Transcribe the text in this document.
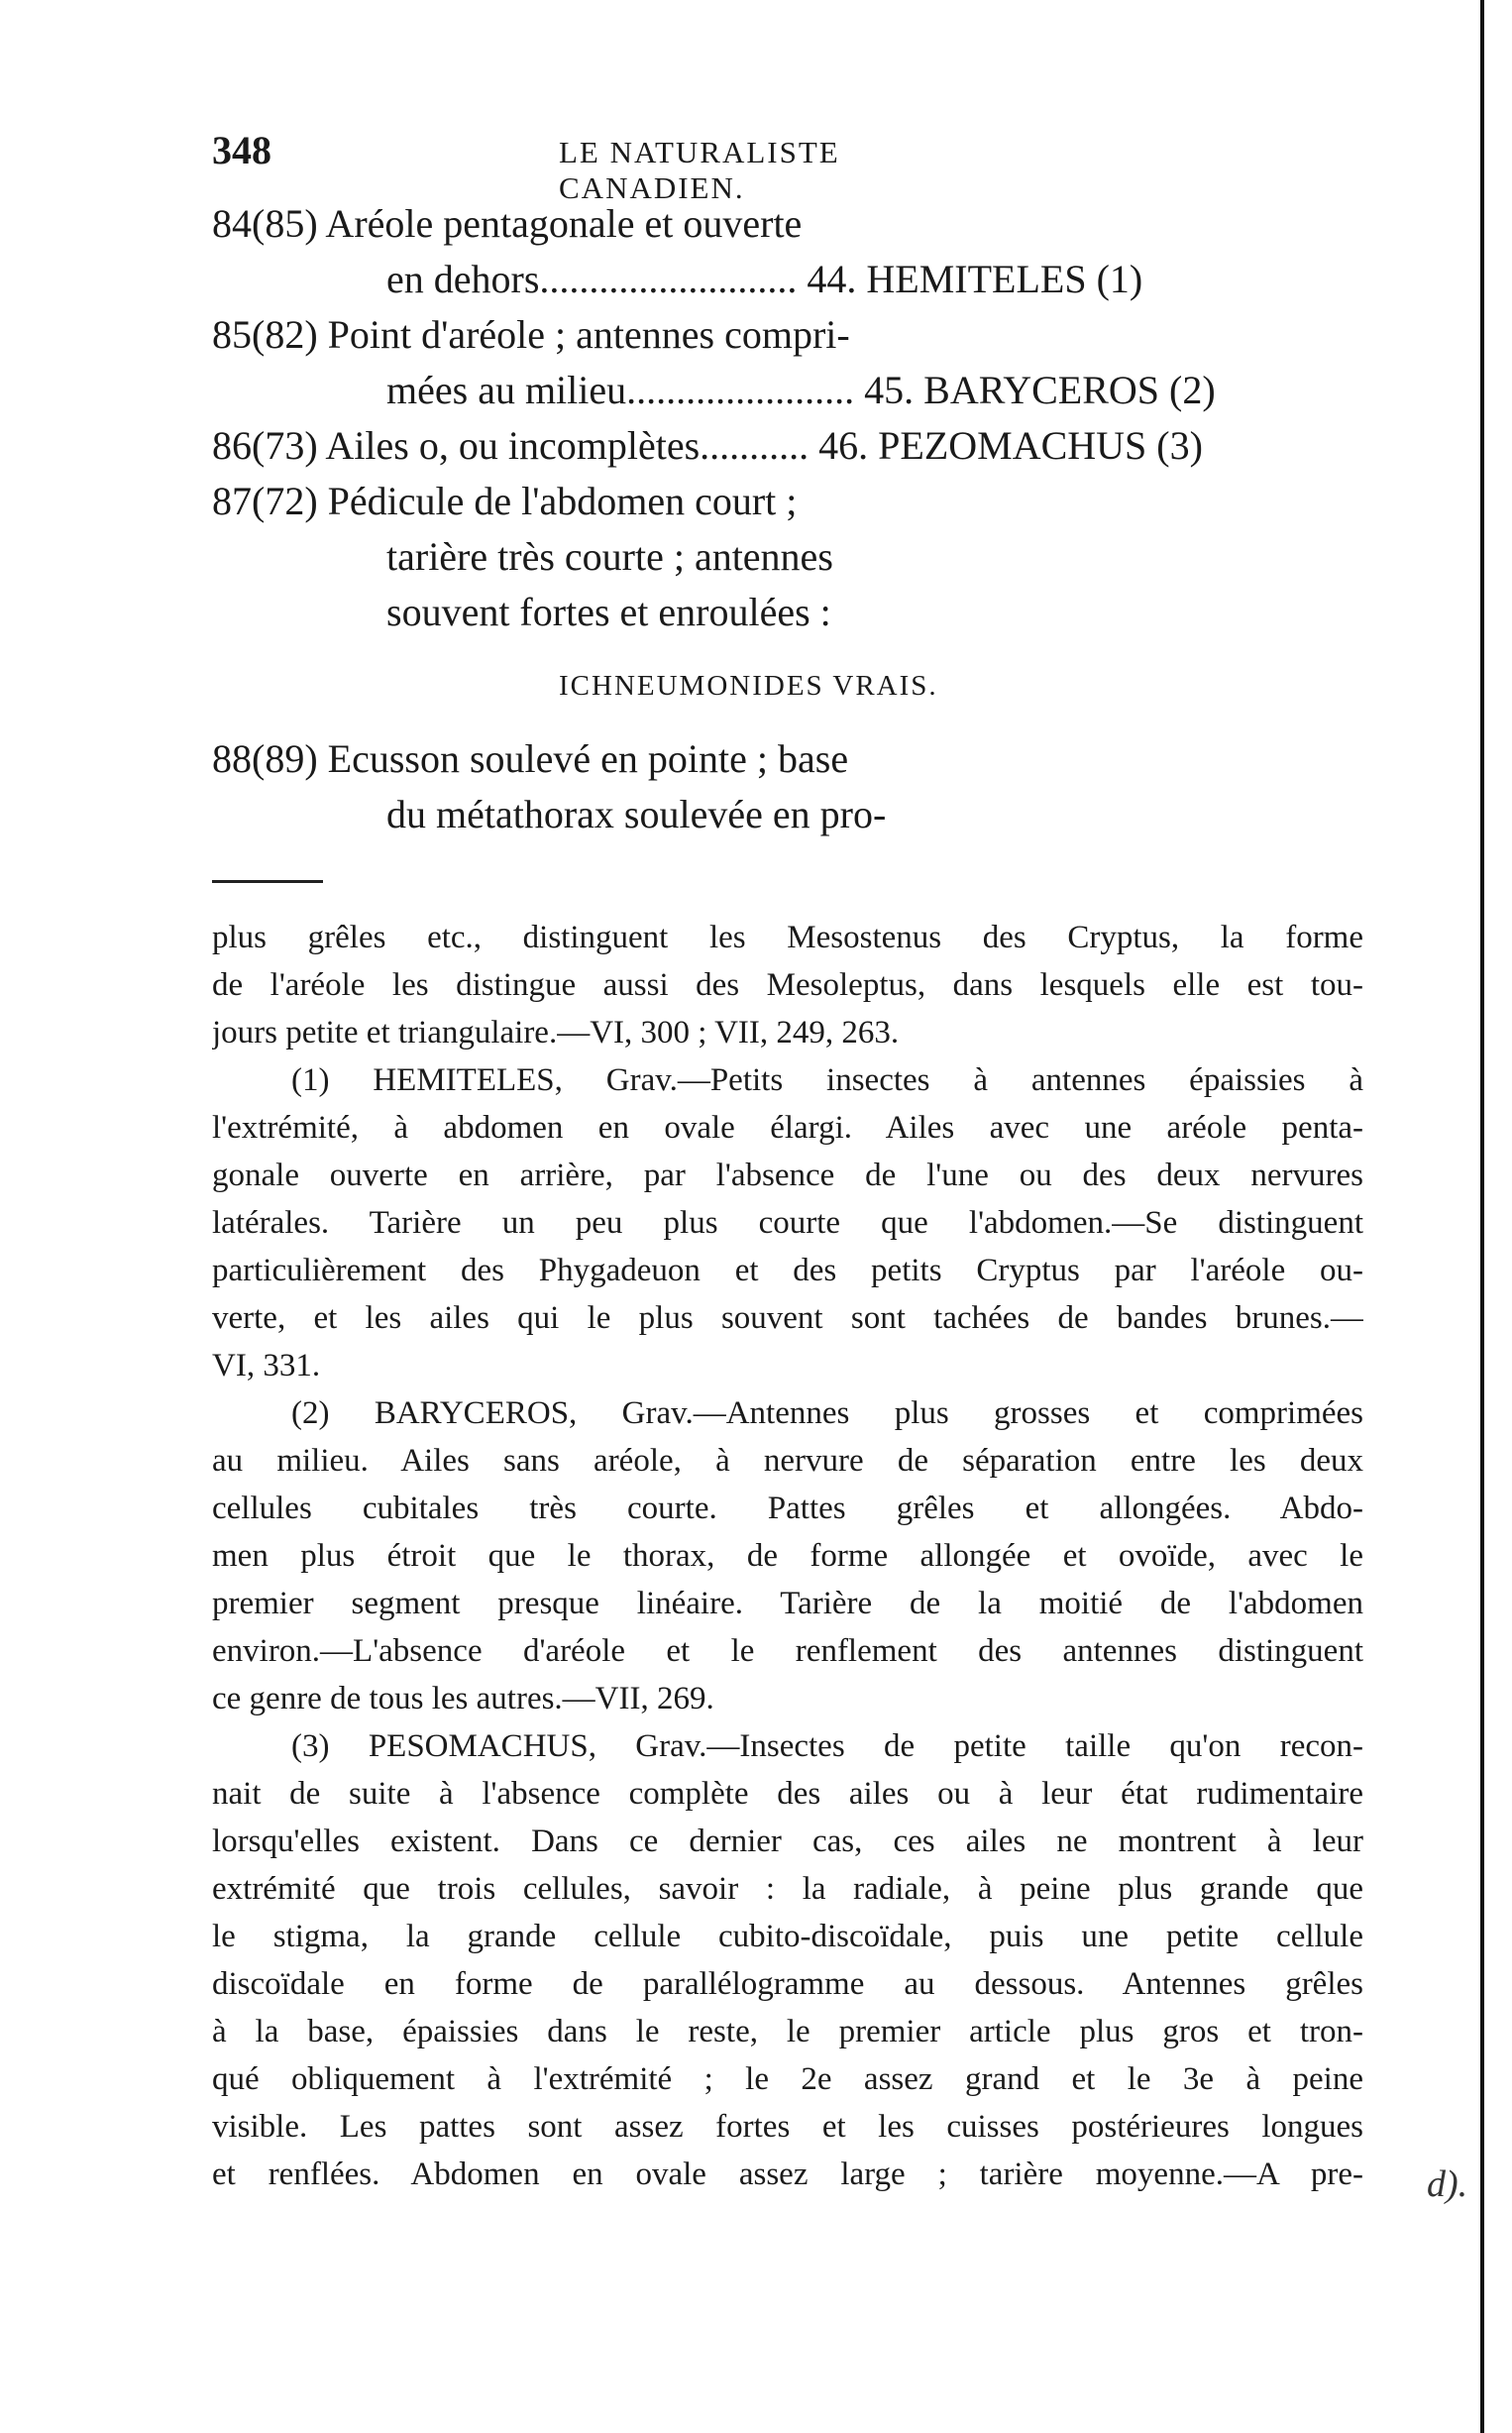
348	LE NATURALISTE CANADIEN.
84(85) Aréole pentagonale et ouverte
en dehors.......................... 44. HEMITELES (1)
85(82) Point d'aréole ; antennes compri-
mées au milieu....................... 45. BARYCEROS (2)
86(73) Ailes o, ou incomplètes........... 46. PEZOMACHUS (3)
87(72) Pédicule de l'abdomen court ;
tarière très courte ; antennes
souvent fortes et enroulées :
ICHNEUMONIDES VRAIS.
88(89) Ecusson soulevé en pointe ; base
du métathorax soulevée en pro-
plus grêles etc., distinguent les Mesostenus des Cryptus, la forme
de l'aréole les distingue aussi des Mesoleptus, dans lesquels elle est tou-
jours petite et triangulaire.—VI, 300 ; VII, 249, 263.
(1) HEMITELES, Grav.—Petits insectes à antennes épaissies à
l'extrémité, à abdomen en ovale élargi. Ailes avec une aréole penta-
gonale ouverte en arrière, par l'absence de l'une ou des deux nervures
latérales. Tarière un peu plus courte que l'abdomen.—Se distinguent
particulièrement des Phygadeuon et des petits Cryptus par l'aréole ou-
verte, et les ailes qui le plus souvent sont tachées de bandes brunes.—
VI, 331.
(2) BARYCEROS, Grav.—Antennes plus grosses et comprimées
au milieu. Ailes sans aréole, à nervure de séparation entre les deux
cellules cubitales très courte. Pattes grêles et allongées. Abdo-
men plus étroit que le thorax, de forme allongée et ovoïde, avec le
premier segment presque linéaire. Tarière de la moitié de l'abdomen
environ.—L'absence d'aréole et le renflement des antennes distinguent
ce genre de tous les autres.—VII, 269.
(3) PESOMACHUS, Grav.—Insectes de petite taille qu'on recon-
nait de suite à l'absence complète des ailes ou à leur état rudimentaire
lorsqu'elles existent. Dans ce dernier cas, ces ailes ne montrent à leur
extrémité que trois cellules, savoir : la radiale, à peine plus grande que
le stigma, la grande cellule cubito-discoïdale, puis une petite cellule
discoïdale en forme de parallélogramme au dessous. Antennes grêles
à la base, épaissies dans le reste, le premier article plus gros et tron-
qué obliquement à l'extrémité ; le 2e assez grand et le 3e à peine
visible. Les pattes sont assez fortes et les cuisses postérieures longues
et renflées. Abdomen en ovale assez large ; tarière moyenne.—A pre- d).
